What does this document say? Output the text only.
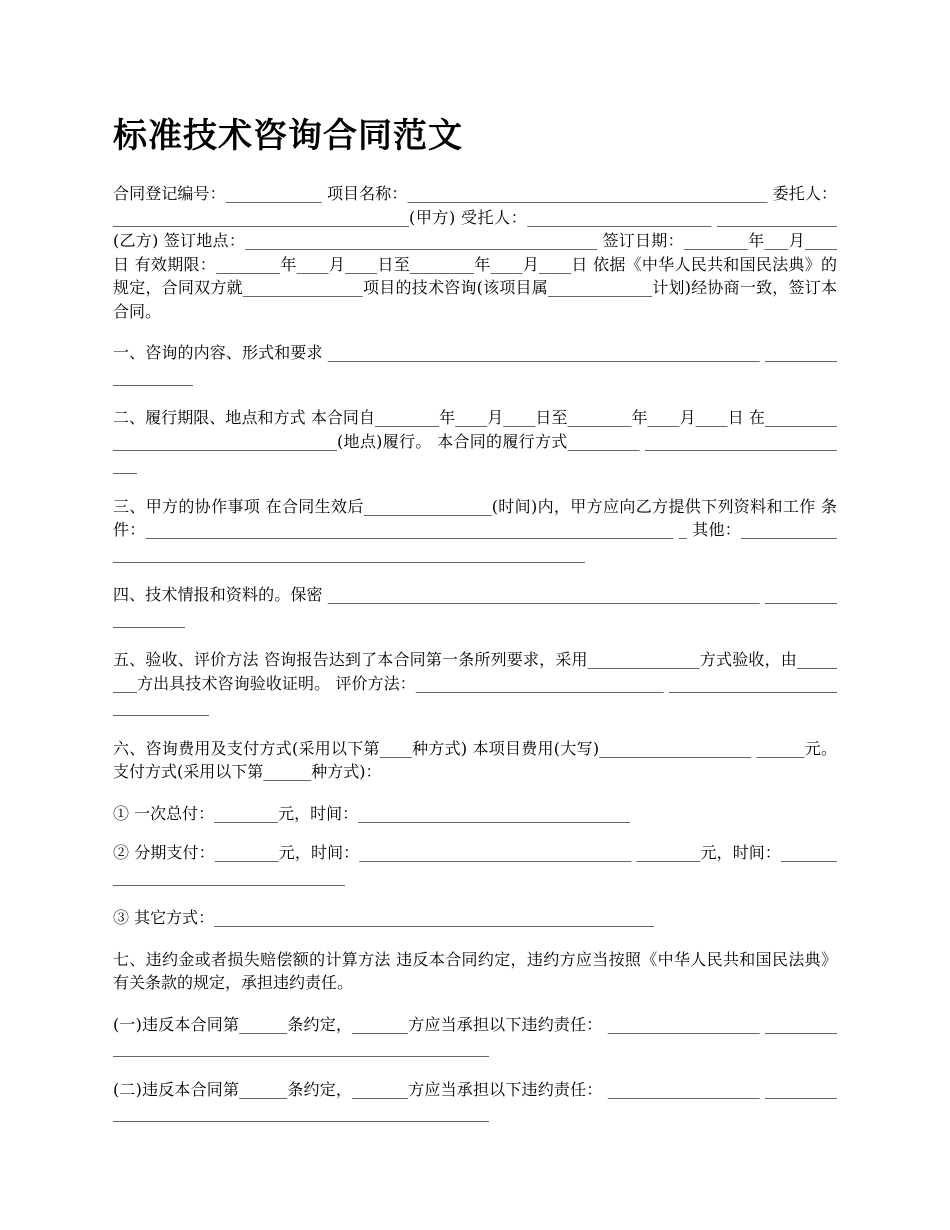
标准技术咨询合同范文

合同登记编号：____________ 项目名称：_____________________________________________ 委托人：_____________________________________(甲方) 受托人：_______________________ _______________(乙方) 签订地点：____________________________________________ 签订日期：________年___月____日 有效期限：________年____月____日至________年____月____日 依据《中华人民共和国民法典》的规定，合同双方就_______________项目的技术咨询(该项目属_____________计划)经协商一致，签订本合同。

一、咨询的内容、形式和要求 ______________________________________________________ ___________________

二、履行期限、地点和方式 本合同自________年____月____日至________年____月____日 在_____________________________________(地点)履行。 本合同的履行方式_________ ___________________________

三、甲方的协作事项 在合同生效后________________(时间)内，甲方应向乙方提供下列资料和工作 条件：__________________________________________________________________ _ 其他：_______________________________________________________________________

四、技术情报和资料的。保密 ______________________________________________________ __________________

五、验收、评价方法 咨询报告达到了本合同第一条所列要求，采用______________方式验收，由________方出具技术咨询验收证明。 评价方法：_______________________________ _________________________________

六、咨询费用及支付方式(采用以下第____种方式) 本项目费用(大写)___________________ ______元。 支付方式(采用以下第______种方式)：

① 一次总付：________元，时间：__________________________________

② 分期支付：________元，时间：__________________________________ ________元，时间：____________________________________

③ 其它方式：_______________________________________________________

七、违约金或者损失赔偿额的计算方法 违反本合同约定，违约方应当按照《中华人民共和国民法典》有关条款的规定，承担违约责任。

(一)违反本合同第______条约定，_______方应当承担以下违约责任： ___________________ ________________________________________________________

(二)违反本合同第______条约定，_______方应当承担以下违约责任： ___________________ ________________________________________________________
